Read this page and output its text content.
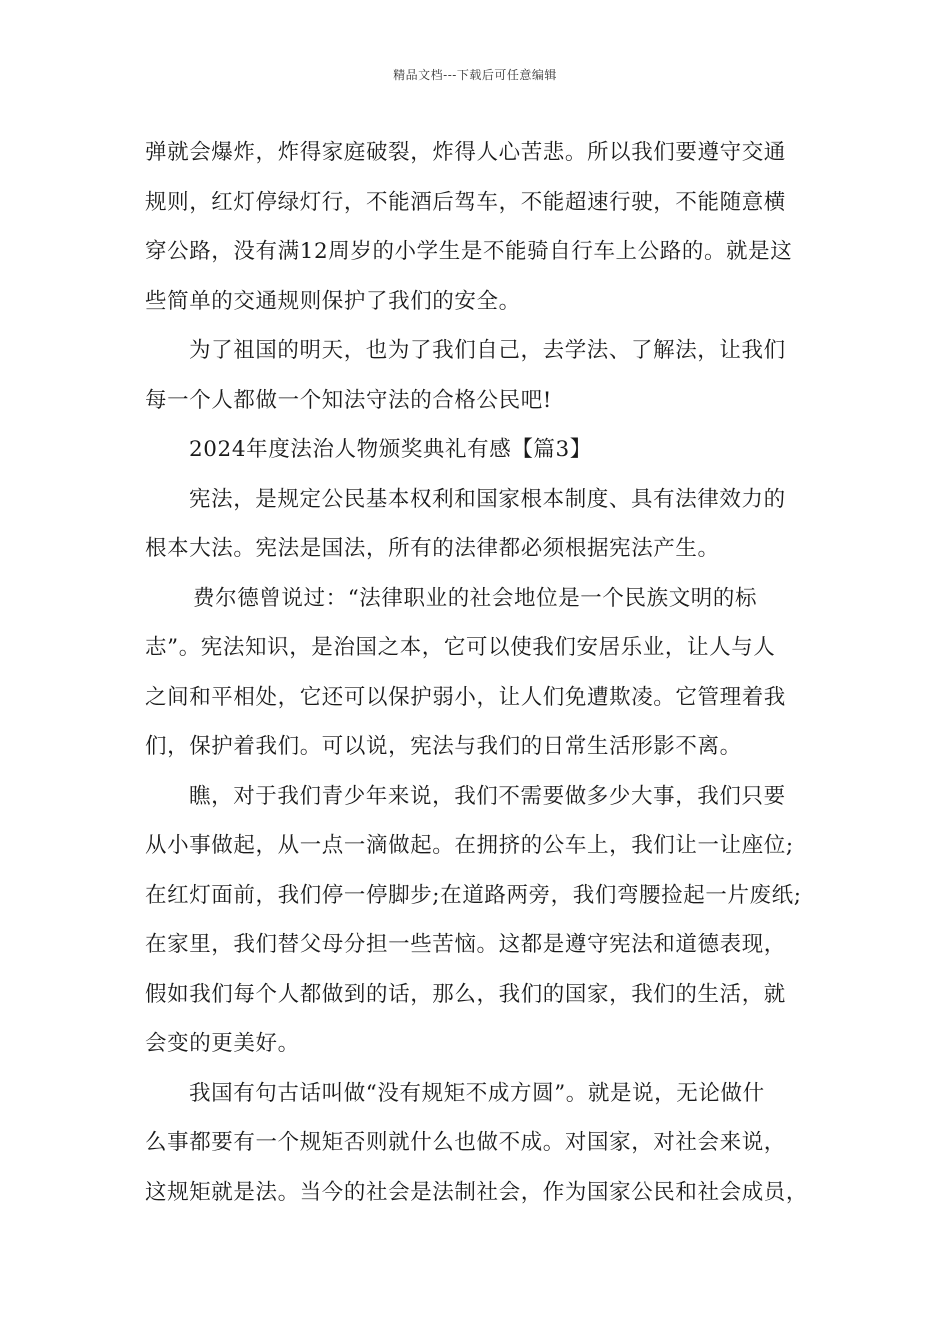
精品文档---下载后可任意编辑
弹就会爆炸，炸得家庭破裂，炸得人心苦悲。所以我们要遵守交通
规则，红灯停绿灯行，不能酒后驾车，不能超速行驶，不能随意横
穿公路，没有满12周岁的小学生是不能骑自行车上公路的。就是这
些简单的交通规则保护了我们的安全。
为了祖国的明天，也为了我们自己，去学法、了解法，让我们
每一个人都做一个知法守法的合格公民吧!
2024年度法治人物颁奖典礼有感【篇3】
宪法，是规定公民基本权利和国家根本制度、具有法律效力的
根本大法。宪法是国法，所有的法律都必须根据宪法产生。
费尔德曾说过：“法律职业的社会地位是一个民族文明的标
志”。宪法知识，是治国之本，它可以使我们安居乐业，让人与人
之间和平相处，它还可以保护弱小，让人们免遭欺凌。它管理着我
们，保护着我们。可以说，宪法与我们的日常生活形影不离。
瞧，对于我们青少年来说，我们不需要做多少大事，我们只要
从小事做起，从一点一滴做起。在拥挤的公车上，我们让一让座位;
在红灯面前，我们停一停脚步;在道路两旁，我们弯腰捡起一片废纸;
在家里，我们替父母分担一些苦恼。这都是遵守宪法和道德表现，
假如我们每个人都做到的话，那么，我们的国家，我们的生活，就
会变的更美好。
我国有句古话叫做“没有规矩不成方圆”。就是说，无论做什
么事都要有一个规矩否则就什么也做不成。对国家，对社会来说，
这规矩就是法。当今的社会是法制社会，作为国家公民和社会成员，
